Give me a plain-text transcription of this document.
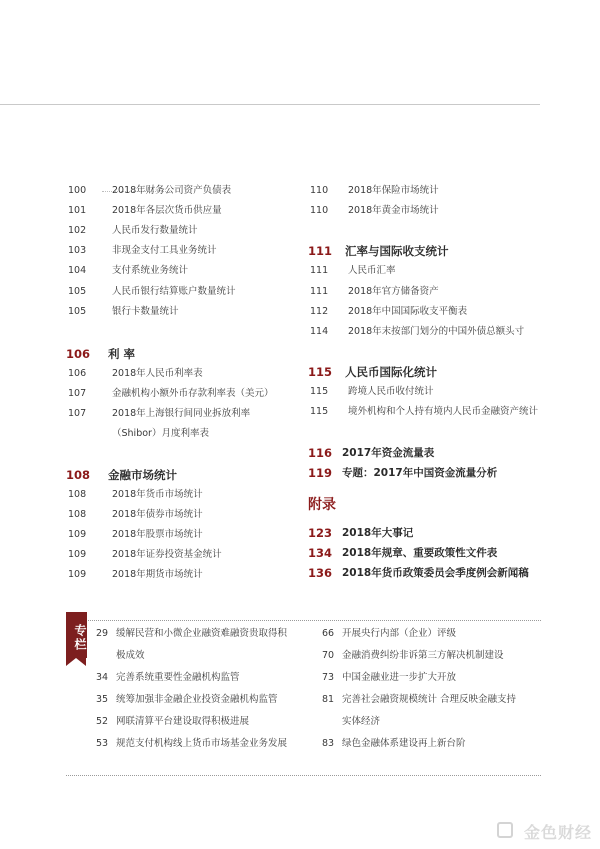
100	2018年财务公司资产负债表
101	2018年各层次货币供应量
102	人民币发行数量统计
103	非现金支付工具业务统计
104	支付系统业务统计
105	人民币银行结算账户数量统计
105	银行卡数量统计
106 利 率
106	2018年人民币利率表
107	金融机构小额外币存款利率表（美元）
107	2018年上海银行间同业拆放利率
（Shibor）月度利率表
108 金融市场统计
108	2018年货币市场统计
108	2018年债券市场统计
109	2018年股票市场统计
109	2018年证券投资基金统计
109	2018年期货市场统计
110 2018年保险市场统计
110 2018年黄金市场统计
111 汇率与国际收支统计
111 人民币汇率
111 2018年官方储备资产
112 2018年中国国际收支平衡表
114 2018年末按部门划分的中国外债总额头寸
115 人民币国际化统计
115 跨境人民币收付统计
115 境外机构和个人持有境内人民币金融资产统计
116 2017年资金流量表
119 专题：2017年中国资金流量分析
附录
123 2018年大事记
134 2018年规章、重要政策性文件表
136 2018年货币政策委员会季度例会新闻稿
专栏 29 缓解民营和小微企业融资难融资贵取得积
极成效
34 完善系统重要性金融机构监管
35 统筹加强非金融企业投资金融机构监管
52 网联清算平台建设取得积极进展
53 规范支付机构线上货币市场基金业务发展
66 开展央行内部（企业）评级
70 金融消费纠纷非诉第三方解决机制建设
73 中国金融业进一步扩大开放
81 完善社会融资规模统计 合理反映金融支持
实体经济
83 绿色金融体系建设再上新台阶
金色财经
